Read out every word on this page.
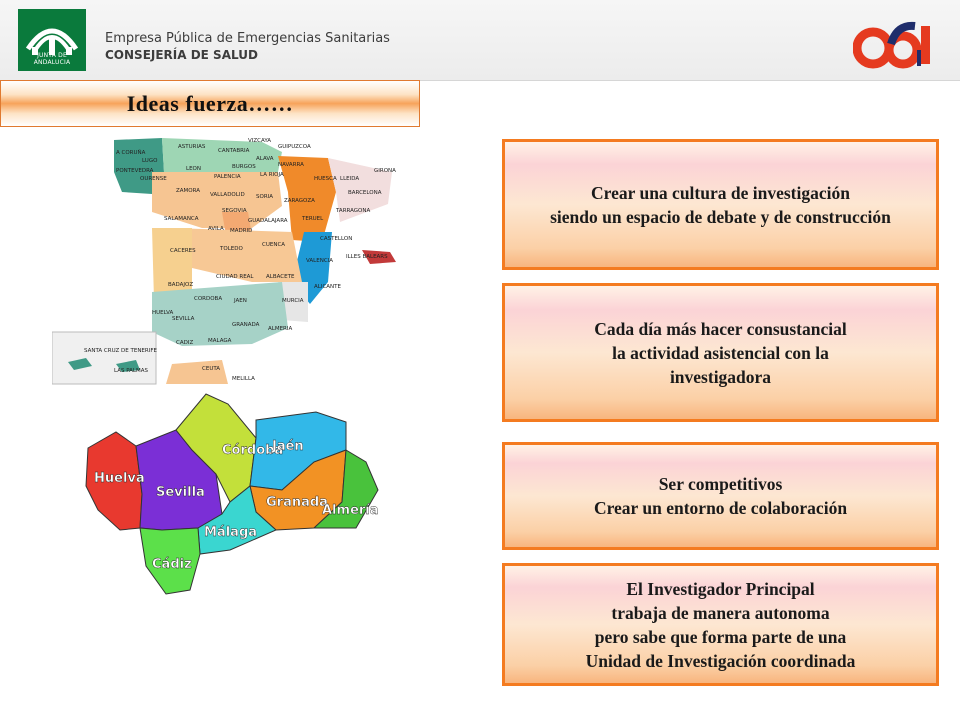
JUNTA DE ANDALUCIA
Empresa Pública de Emergencias Sanitarias
CONSEJERÍA DE SALUD
Ideas fuerza……
A CORUÑA
LUGO
PONTEVEDRA
OURENSE
ASTURIAS
CANTABRIA
VIZCAYA
GUIPUZCOA
ALAVA
NAVARRA
LA RIOJA
LEON
PALENCIA
BURGOS
ZAMORA
VALLADOLID SORIA
ZARAGOZA
HUESCA LLEIDA
GIRONA
BARCELONA
TARRAGONA
SALAMANCA
SEGOVIA
AVILA MADRID
GUADALAJARA	TERUEL
CASTELLON
CACERES	TOLEDO
CUENCA
VALENCIA
ILLES BALEARS
BADAJOZ
CIUDAD REAL ALBACETE
ALICANTE
CORDOBA JAEN	MURCIA
HUELVA
SEVILLA
GRANADA
ALMERIA
CADIZ	MALAGA
CEUTA
MELILLA
SANTA CRUZ DE TENERIFE
LAS PALMAS
Huelva
Sevilla
Córdoba
Jaén
Granada
Almería
Málaga
Cádiz
Crear una cultura de investigación
siendo un espacio de debate y de construcción
Cada día más hacer consustancial
la actividad asistencial con la
investigadora
Ser competitivos
Crear un entorno de colaboración
El Investigador Principal
trabaja de manera autonoma
pero sabe que forma parte de una
Unidad de Investigación coordinada
